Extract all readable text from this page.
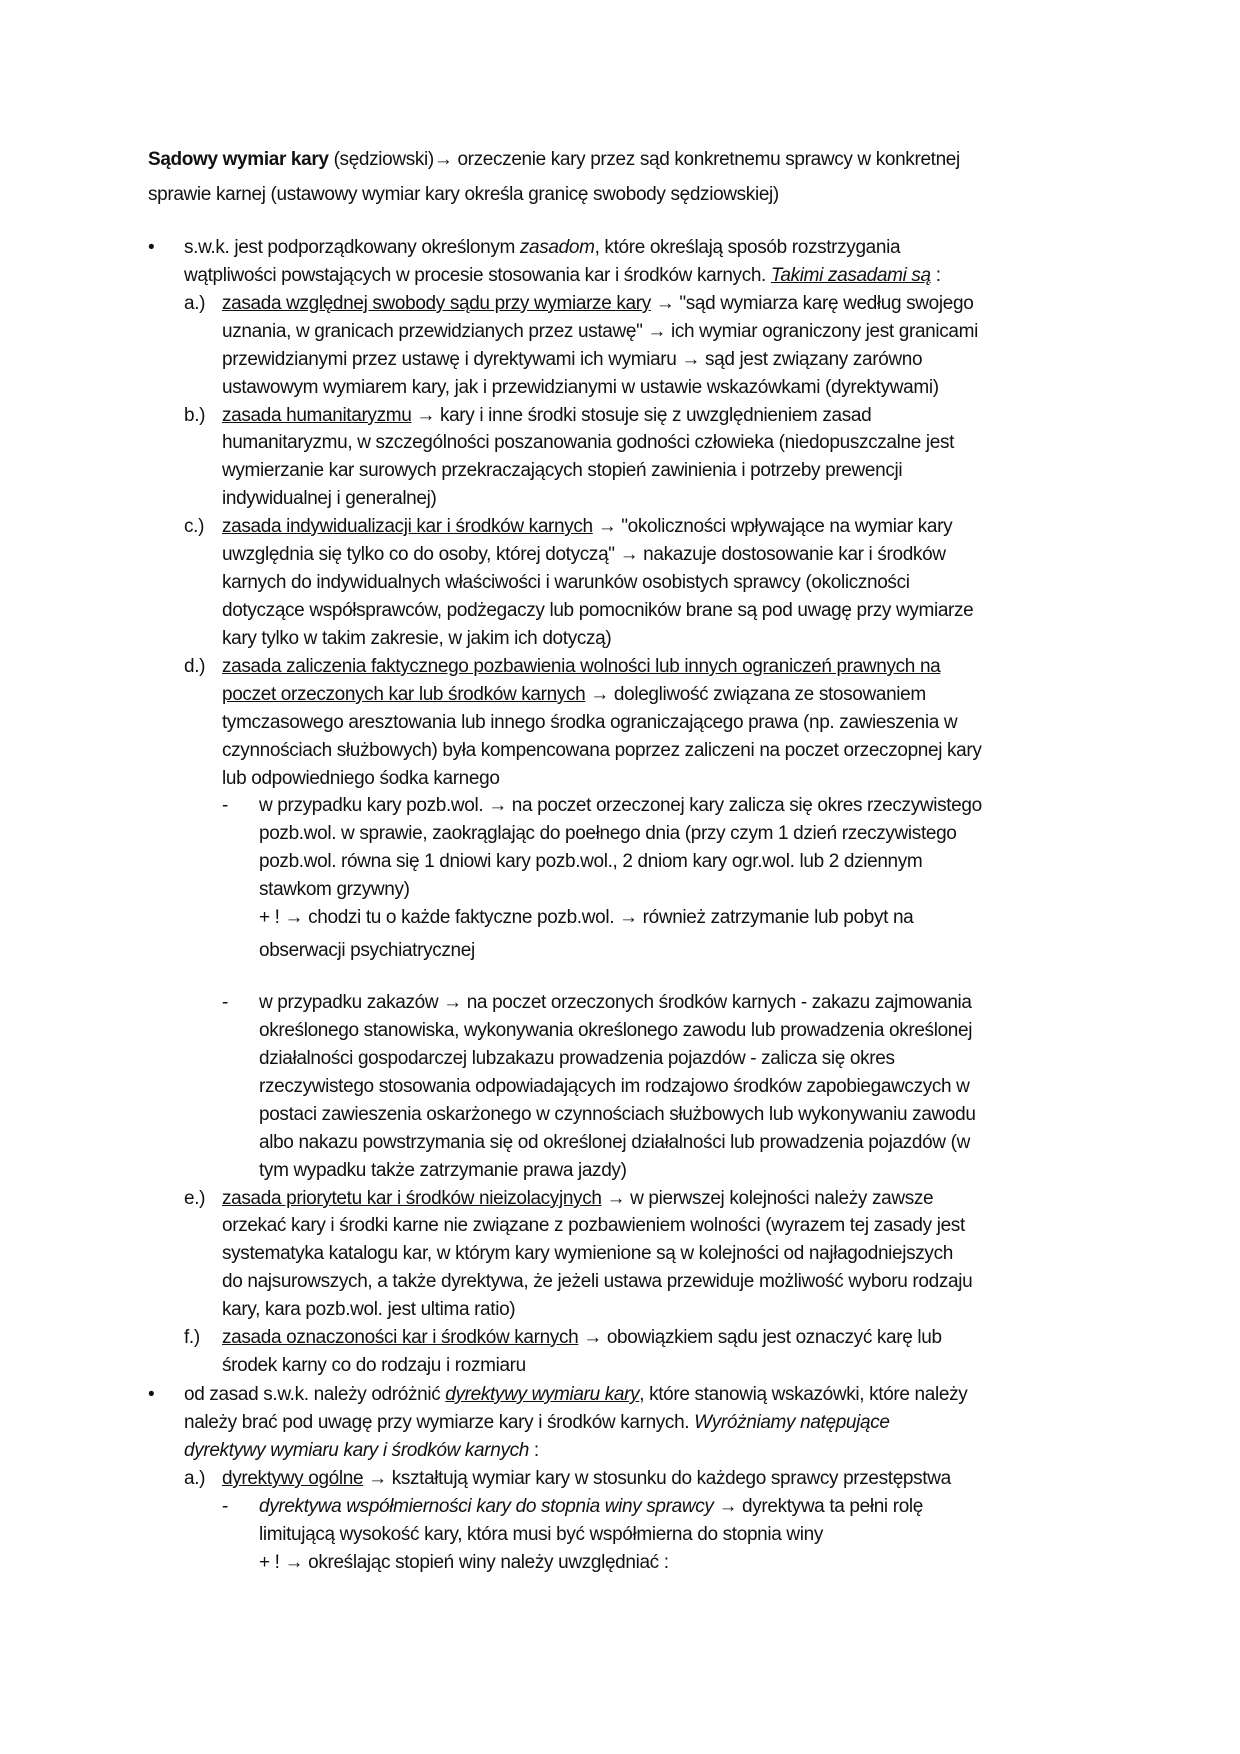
Sądowy wymiar kary (sędziowski)→ orzeczenie kary przez sąd konkretnemu sprawcy w konkretnej
sprawie karnej (ustawowy wymiar kary określa granicę swobody sędziowskiej)
• s.w.k. jest podporządkowany określonym zasadom, które określają sposób rozstrzygania
wątpliwości powstających w procesie stosowania kar i środków karnych. Takimi zasadami są :
a.) zasada względnej swobody sądu przy wymiarze kary → "sąd wymiarza karę według swojego
uznania, w granicach przewidzianych przez ustawę" → ich wymiar ograniczony jest granicami
przewidzianymi przez ustawę i dyrektywami ich wymiaru → sąd jest związany zarówno
ustawowym wymiarem kary, jak i przewidzianymi w ustawie wskazówkami (dyrektywami)
b.) zasada humanitaryzmu → kary i inne środki stosuje się z uwzględnieniem zasad
humanitaryzmu, w szczególności poszanowania godności człowieka (niedopuszczalne jest
wymierzanie kar surowych przekraczających stopień zawinienia i potrzeby prewencji
indywidualnej i generalnej)
c.) zasada indywidualizacji kar i środków karnych → "okoliczności wpływające na wymiar kary
uwzględnia się tylko co do osoby, której dotyczą" → nakazuje dostosowanie kar i środków
karnych do indywidualnych właściwości i warunków osobistych sprawcy (okoliczności
dotyczące współsprawców, podżegaczy lub pomocników brane są pod uwagę przy wymiarze
kary tylko w takim zakresie, w jakim ich dotyczą)
d.) zasada zaliczenia faktycznego pozbawienia wolności lub innych ograniczeń prawnych na
poczet orzeczonych kar lub środków karnych → dolegliwość związana ze stosowaniem
tymczasowego aresztowania lub innego środka ograniczającego prawa (np. zawieszenia w
czynnościach służbowych) była kompencowana poprzez zaliczeni na poczet orzeczopnej kary
lub odpowiedniego śodka karnego
- w przypadku kary pozb.wol. → na poczet orzeczonej kary zalicza się okres rzeczywistego
pozb.wol. w sprawie, zaokrąglając do poełnego dnia (przy czym 1 dzień rzeczywistego
pozb.wol. równa się 1 dniowi kary pozb.wol., 2 dniom kary ogr.wol. lub 2 dziennym
stawkom grzywny)
+ ! → chodzi tu o każde faktyczne pozb.wol. → również zatrzymanie lub pobyt na
obserwacji psychiatrycznej
- w przypadku zakazów → na poczet orzeczonych środków karnych - zakazu zajmowania
określonego stanowiska, wykonywania określonego zawodu lub prowadzenia określonej
działalności gospodarczej lubzakazu prowadzenia pojazdów - zalicza się okres
rzeczywistego stosowania odpowiadających im rodzajowo środków zapobiegawczych w
postaci zawieszenia oskarżonego w czynnościach służbowych lub wykonywaniu zawodu
albo nakazu powstrzymania się od określonej działalności lub prowadzenia pojazdów (w
tym wypadku także zatrzymanie prawa jazdy)
e.) zasada priorytetu kar i środków nieizolacyjnych → w pierwszej kolejności należy zawsze
orzekać kary i środki karne nie związane z pozbawieniem wolności (wyrazem tej zasady jest
systematyka katalogu kar, w którym kary wymienione są w kolejności od najłagodniejszych
do najsurowszych, a także dyrektywa, że jeżeli ustawa przewiduje możliwość wyboru rodzaju
kary, kara pozb.wol. jest ultima ratio)
f.) zasada oznaczoności kar i środków karnych → obowiązkiem sądu jest oznaczyć karę lub
środek karny co do rodzaju i rozmiaru
• od zasad s.w.k. należy odróżnić dyrektywy wymiaru kary, które stanowią wskazówki, które należy
należy brać pod uwagę przy wymiarze kary i środków karnych. Wyróżniamy natępujące
dyrektywy wymiaru kary i środków karnych :
a.) dyrektywy ogólne → kształtują wymiar kary w stosunku do każdego sprawcy przestępstwa
- dyrektywa współmierności kary do stopnia winy sprawcy → dyrektywa ta pełni rolę
limitującą wysokość kary, która musi być współmierna do stopnia winy
+ ! → określając stopień winy należy uwzględniać :
